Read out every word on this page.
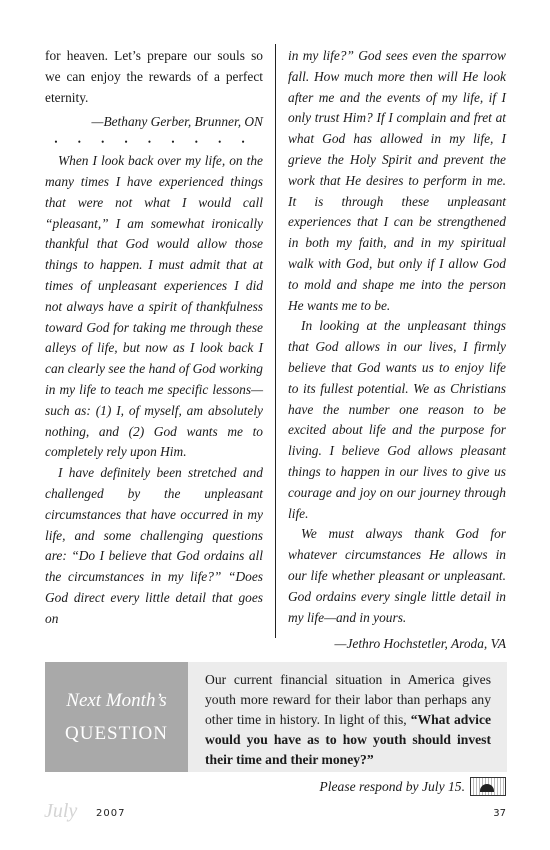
for heaven. Let’s prepare our souls so we can enjoy the rewards of a perfect eternity.

—Bethany Gerber, Brunner, ON

• • • • • • • • •

When I look back over my life, on the many times I have experienced things that were not what I would call “pleasant,” I am somewhat ironically thankful that God would allow those things to happen. I must admit that at times of unpleasant experiences I did not always have a spirit of thankfulness toward God for taking me through these alleys of life, but now as I look back I can clearly see the hand of God working in my life to teach me specific lessons—such as: (1) I, of myself, am absolutely nothing, and (2) God wants me to completely rely upon Him.

I have definitely been stretched and challenged by the unpleasant circumstances that have occurred in my life, and some challenging questions are: “Do I believe that God ordains all the circumstances in my life?” “Does God direct every little detail that goes on

in my life?” God sees even the sparrow fall. How much more then will He look after me and the events of my life, if I only trust Him? If I complain and fret at what God has allowed in my life, I grieve the Holy Spirit and prevent the work that He desires to perform in me. It is through these unpleasant experiences that I can be strengthened in both my faith, and in my spiritual walk with God, but only if I allow God to mold and shape me into the person He wants me to be.

In looking at the unpleasant things that God allows in our lives, I firmly believe that God wants us to enjoy life to its fullest potential. We as Christians have the number one reason to be excited about life and the purpose for living. I believe God allows pleasant things to happen in our lives to give us courage and joy on our journey through life.

We must always thank God for whatever circumstances He allows in our life whether pleasant or unpleasant. God ordains every single little detail in my life—and in yours.

—Jethro Hochstetler, Aroda, VA

Next Month’s
QUESTION
Our current financial situation in America gives youth more reward for their labor than perhaps any other time in history. In light of this, “What advice would you have as to how youth should invest their time and their money?”
Please respond by July 15.
July 2007	37
